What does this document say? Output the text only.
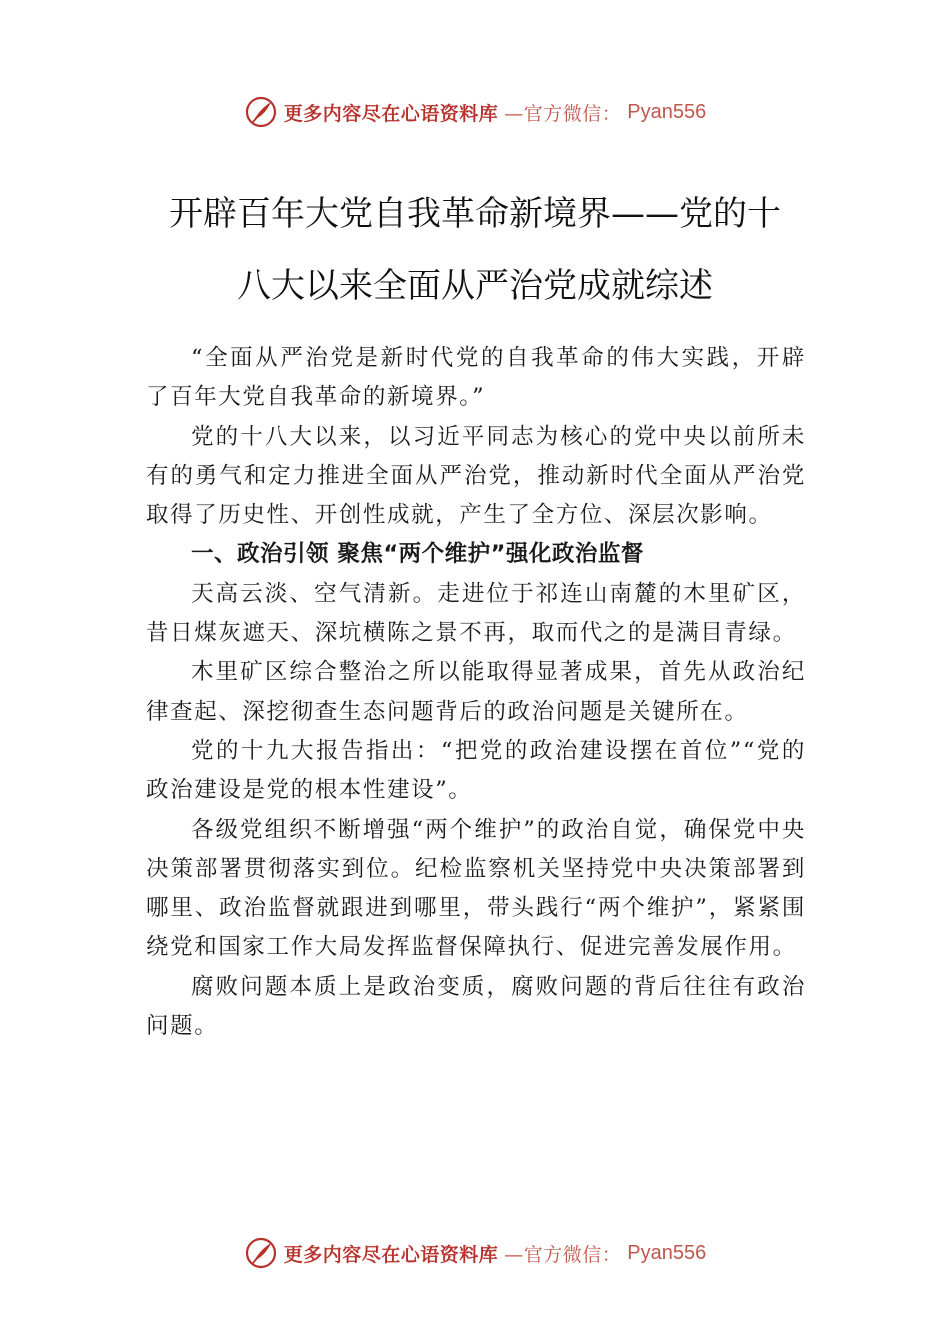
更多内容尽在心语资料库 —官方微信： Pyan556
开辟百年大党自我革命新境界——党的十
八大以来全面从严治党成就综述

“全面从严治党是新时代党的自我革命的伟大实践，开辟了百年大党自我革命的新境界。”

党的十八大以来，以习近平同志为核心的党中央以前所未有的勇气和定力推进全面从严治党，推动新时代全面从严治党取得了历史性、开创性成就，产生了全方位、深层次影响。

一、政治引领 聚焦“两个维护”强化政治监督

天高云淡、空气清新。走进位于祁连山南麓的木里矿区，昔日煤灰遮天、深坑横陈之景不再，取而代之的是满目青绿。

木里矿区综合整治之所以能取得显著成果，首先从政治纪律查起、深挖彻查生态问题背后的政治问题是关键所在。

党的十九大报告指出：“把党的政治建设摆在首位”“党的政治建设是党的根本性建设”。

各级党组织不断增强“两个维护”的政治自觉，确保党中央决策部署贯彻落实到位。纪检监察机关坚持党中央决策部署到哪里、政治监督就跟进到哪里，带头践行“两个维护”，紧紧围绕党和国家工作大局发挥监督保障执行、促进完善发展作用。

腐败问题本质上是政治变质，腐败问题的背后往往有政治问题。

更多内容尽在心语资料库 —官方微信： Pyan556
